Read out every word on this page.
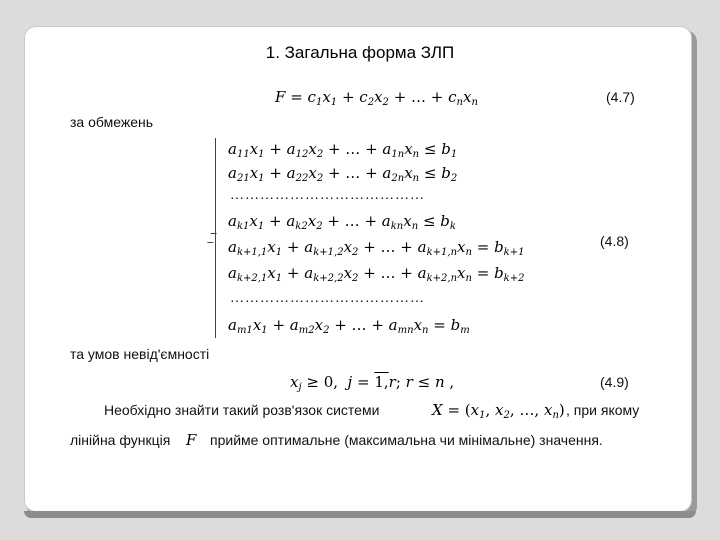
1. Загальна форма ЗЛП
$F = c_1x_1 + c_2x_2$ + … + $c_nx_n$	(4.7)
за обмежень
$a_{11}x_1 + a_{12}x_2$ + … + $a_{1n}x_n \le b_1$
$a_{21}x_1 + a_{22}x_2$ + … + $a_{2n}x_n \le b_2$
…………………………………
$a_{k1}x_1 + a_{k2}x_2$ + … + $a_{kn}x_n \le b_k$
$a_{k+1,1}x_1 + a_{k+1,2}x_2$ + … + $a_{k+1,n}x_n = b_{k+1}$
$a_{k+2,1}x_1 + a_{k+2,2}x_2$ + … + $a_{k+2,n}x_n = b_{k+2}$
…………………………………
$a_{m1}x_1 + a_{m2}x_2$ + … + $a_{mn}x_n = b_m$
(4.8)
та умов невід'ємності
$x_j \ge 0$,  j = 1,r; r ≤ n ,	(4.9)
Необхідно знайти такий розв'язок системи	$X = (x_1$, $x_2$, …, $x_n$) , при якому
лінійна функція F прийме оптимальне (максимальна чи мінімальне) значення.
